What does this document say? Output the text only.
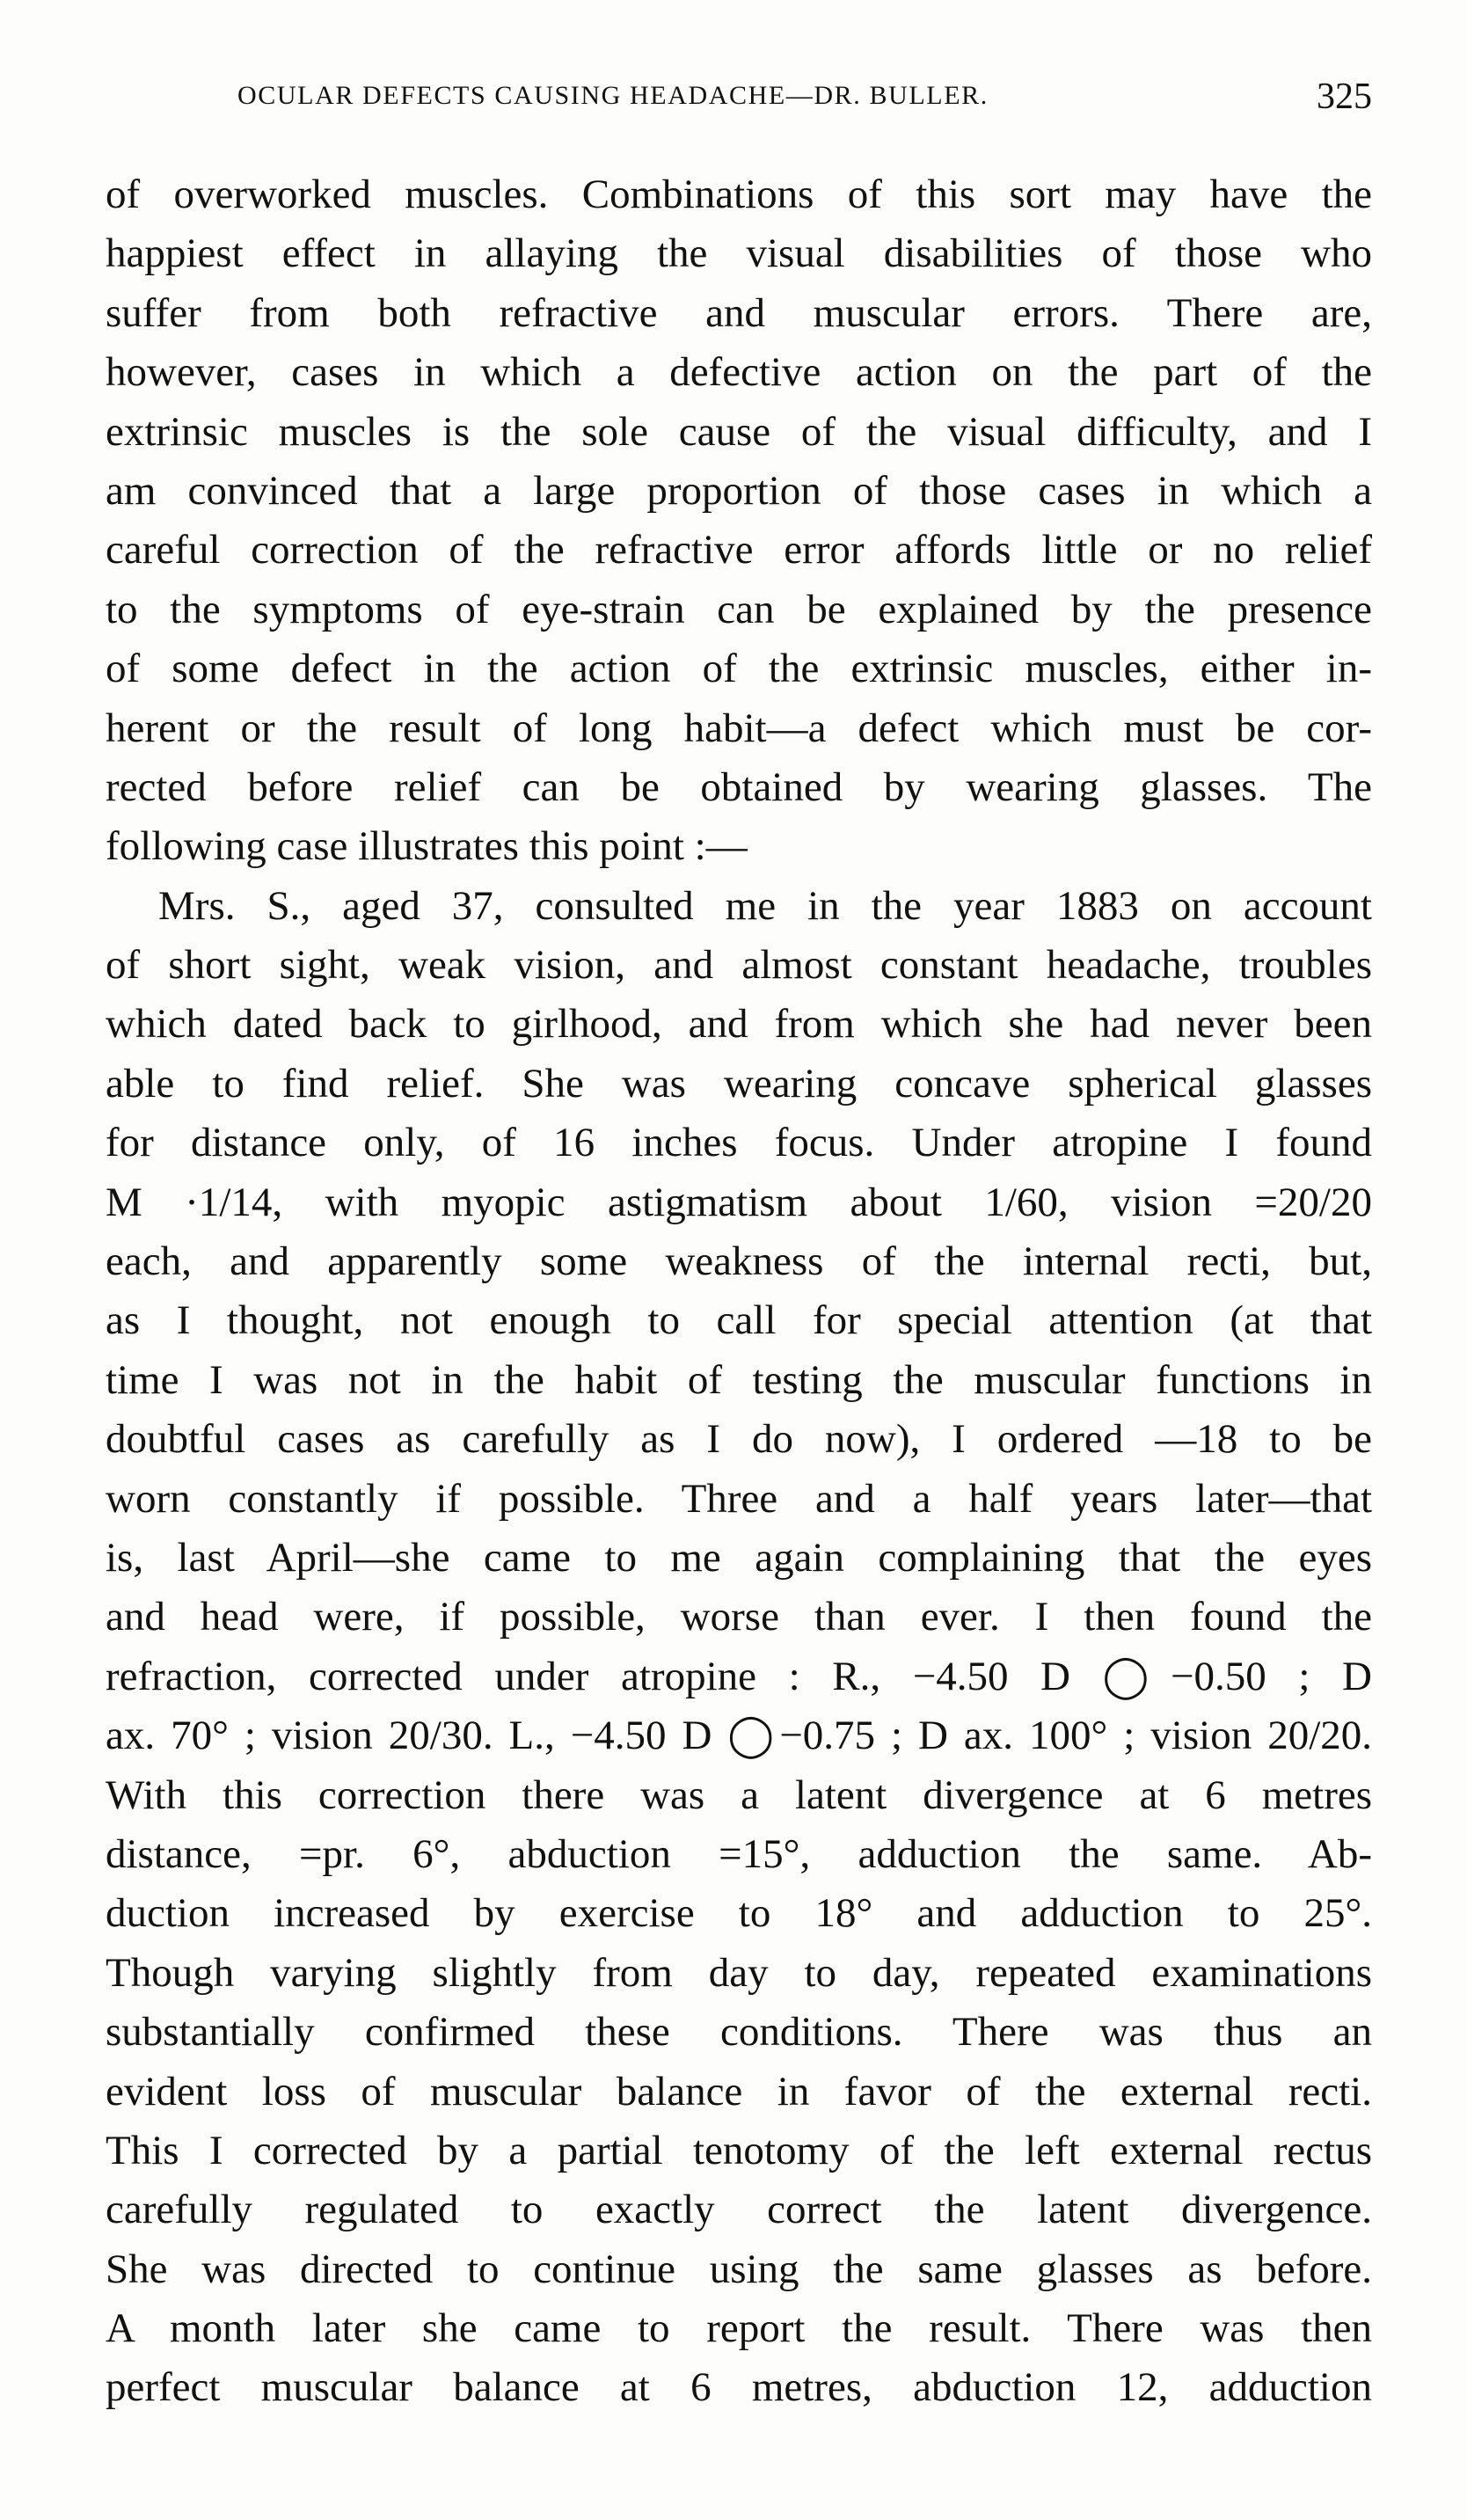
OCULAR DEFECTS CAUSING HEADACHE—DR. BULLER.	325
of overworked muscles. Combinations of this sort may have the
happiest effect in allaying the visual disabilities of those who
suffer from both refractive and muscular errors. There are,
however, cases in which a defective action on the part of the
extrinsic muscles is the sole cause of the visual difficulty, and I
am convinced that a large proportion of those cases in which a
careful correction of the refractive error affords little or no relief
to the symptoms of eye-strain can be explained by the presence
of some defect in the action of the extrinsic muscles, either in-
herent or the result of long habit—a defect which must be cor-
rected before relief can be obtained by wearing glasses. The
following case illustrates this point :—
Mrs. S., aged 37, consulted me in the year 1883 on account
of short sight, weak vision, and almost constant headache, troubles
which dated back to girlhood, and from which she had never been
able to find relief. She was wearing concave spherical glasses
for distance only, of 16 inches focus. Under atropine I found
M ·1/14, with myopic astigmatism about 1/60, vision =20/20
each, and apparently some weakness of the internal recti, but,
as I thought, not enough to call for special attention (at that
time I was not in the habit of testing the muscular functions in
doubtful cases as carefully as I do now), I ordered —18 to be
worn constantly if possible. Three and a half years later—that
is, last April—she came to me again complaining that the eyes
and head were, if possible, worse than ever. I then found the
refraction, corrected under atropine : R., −4.50 D ◯−0.50 ; D
ax. 70° ; vision 20/30. L., −4.50 D ◯−0.75 ; D ax. 100° ; vision 20/20.
With this correction there was a latent divergence at 6 metres
distance, =pr. 6°, abduction =15°, adduction the same. Ab-
duction increased by exercise to 18° and adduction to 25°.
Though varying slightly from day to day, repeated examinations
substantially confirmed these conditions. There was thus an
evident loss of muscular balance in favor of the external recti.
This I corrected by a partial tenotomy of the left external rectus
carefully regulated to exactly correct the latent divergence.
She was directed to continue using the same glasses as before.
A month later she came to report the result. There was then
perfect muscular balance at 6 metres, abduction 12, adduction
